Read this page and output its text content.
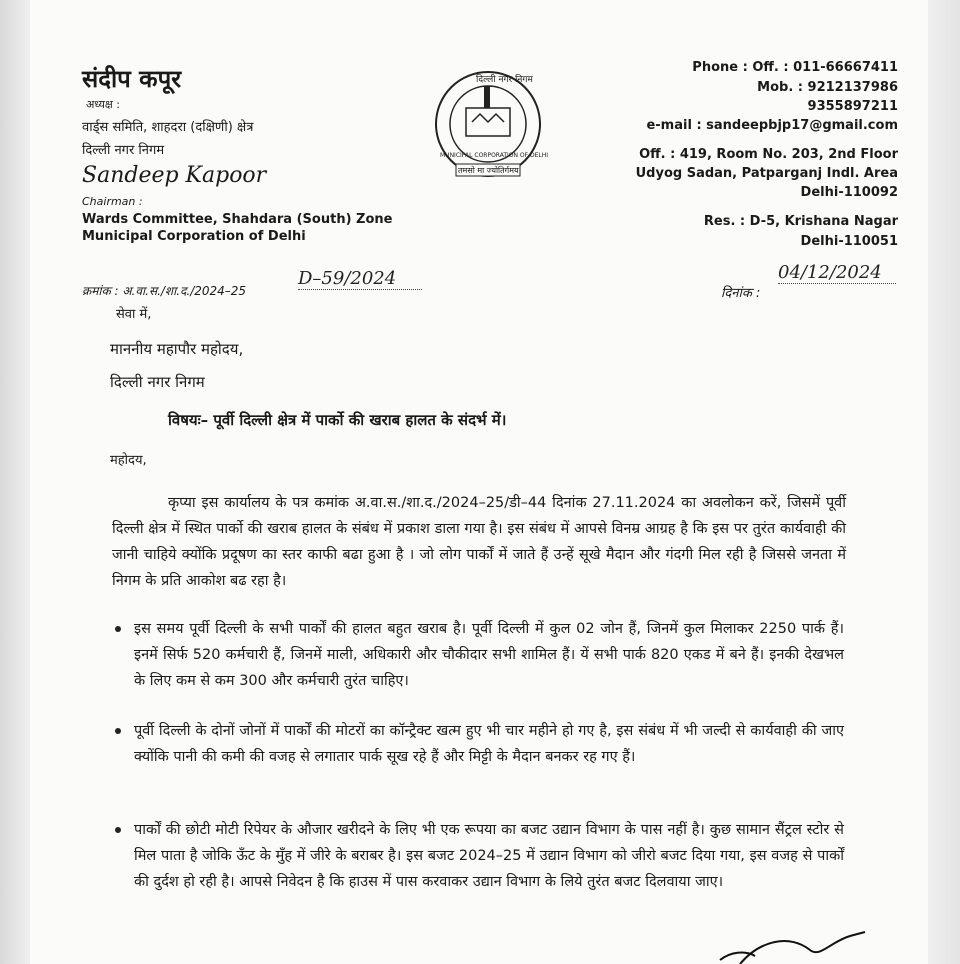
संदीप कपूर
अध्यक्ष :
वार्ड्स समिति, शाहदरा (दक्षिणी) क्षेत्र
दिल्ली नगर निगम
Sandeep Kapoor
Chairman :
Wards Committee, Shahdara (South) Zone
Municipal Corporation of Delhi
दिल्ली नगर निगम
तमसो मा ज्योतिर्गमय
MUNICIPAL CORPORATION OF DELHI
Phone : Off. : 011-66667411
Mob. : 9212137986
9355897211
e-mail : sandeepbjp17@gmail.com
Off. : 419, Room No. 203, 2nd Floor
Udyog Sadan, Patparganj Indl. Area
Delhi-110092
Res. : D-5, Krishana Nagar
Delhi-110051
क्रमांक : अ.वा.स./शा.द./2024–25
D–59/2024
दिनांक :
04/12/2024
सेवा में,
माननीय महापौर महोदय,
दिल्ली नगर निगम
विषयः– पूर्वी दिल्ली क्षेत्र में पार्को की खराब हालत के संदर्भ में।
महोदय,
कृप्या इस कार्यालय के पत्र कमांक अ.वा.स./शा.द./2024–25/डी–44 दिनांक 27.11.2024 का अवलोकन करें, जिसमें पूर्वी दिल्ली क्षेत्र में स्थित पार्को की खराब हालत के संबंध में प्रकाश डाला गया है। इस संबंध में आपसे विनम्र आग्रह है कि इस पर तुरंत कार्यवाही की जानी चाहिये क्योंकि प्रदूषण का स्तर काफी बढा हुआ है । जो लोग पार्कों में जाते हैं उन्हें सूखे मैदान और गंदगी मिल रही है जिससे जनता में निगम के प्रति आकोश बढ रहा है।
इस समय पूर्वी दिल्ली के सभी पार्कों की हालत बहुत खराब है। पूर्वी दिल्ली में कुल 02 जोन हैं, जिनमें कुल मिलाकर 2250 पार्क हैं। इनमें सिर्फ 520 कर्मचारी हैं, जिनमें माली, अधिकारी और चौकीदार सभी शामिल हैं। यें सभी पार्क 820 एकड में बने हैं। इनकी देखभल के लिए कम से कम 300 और कर्मचारी तुरंत चाहिए।
पूर्वी दिल्ली के दोनों जोनों में पार्कों की मोटरों का कॉन्ट्रैक्ट खत्म हुए भी चार महीने हो गए है, इस संबंध में भी जल्दी से कार्यवाही की जाए क्योंकि पानी की कमी की वजह से लगातार पार्क सूख रहे हैं और मिट्टी के मैदान बनकर रह गए हैं।
पार्कों की छोटी मोटी रिपेयर के औजार खरीदने के लिए भी एक रूपया का बजट उद्यान विभाग के पास नहीं है। कुछ सामान सैंट्रल स्टोर से मिल पाता है जोकि ऊँट के मुँह में जीरे के बराबर है। इस बजट 2024–25 में उद्यान विभाग को जीरो बजट दिया गया, इस वजह से पार्कों की दुर्दश हो रही है। आपसे निवेदन है कि हाउस में पास करवाकर उद्यान विभाग के लिये तुरंत बजट दिलवाया जाए।
